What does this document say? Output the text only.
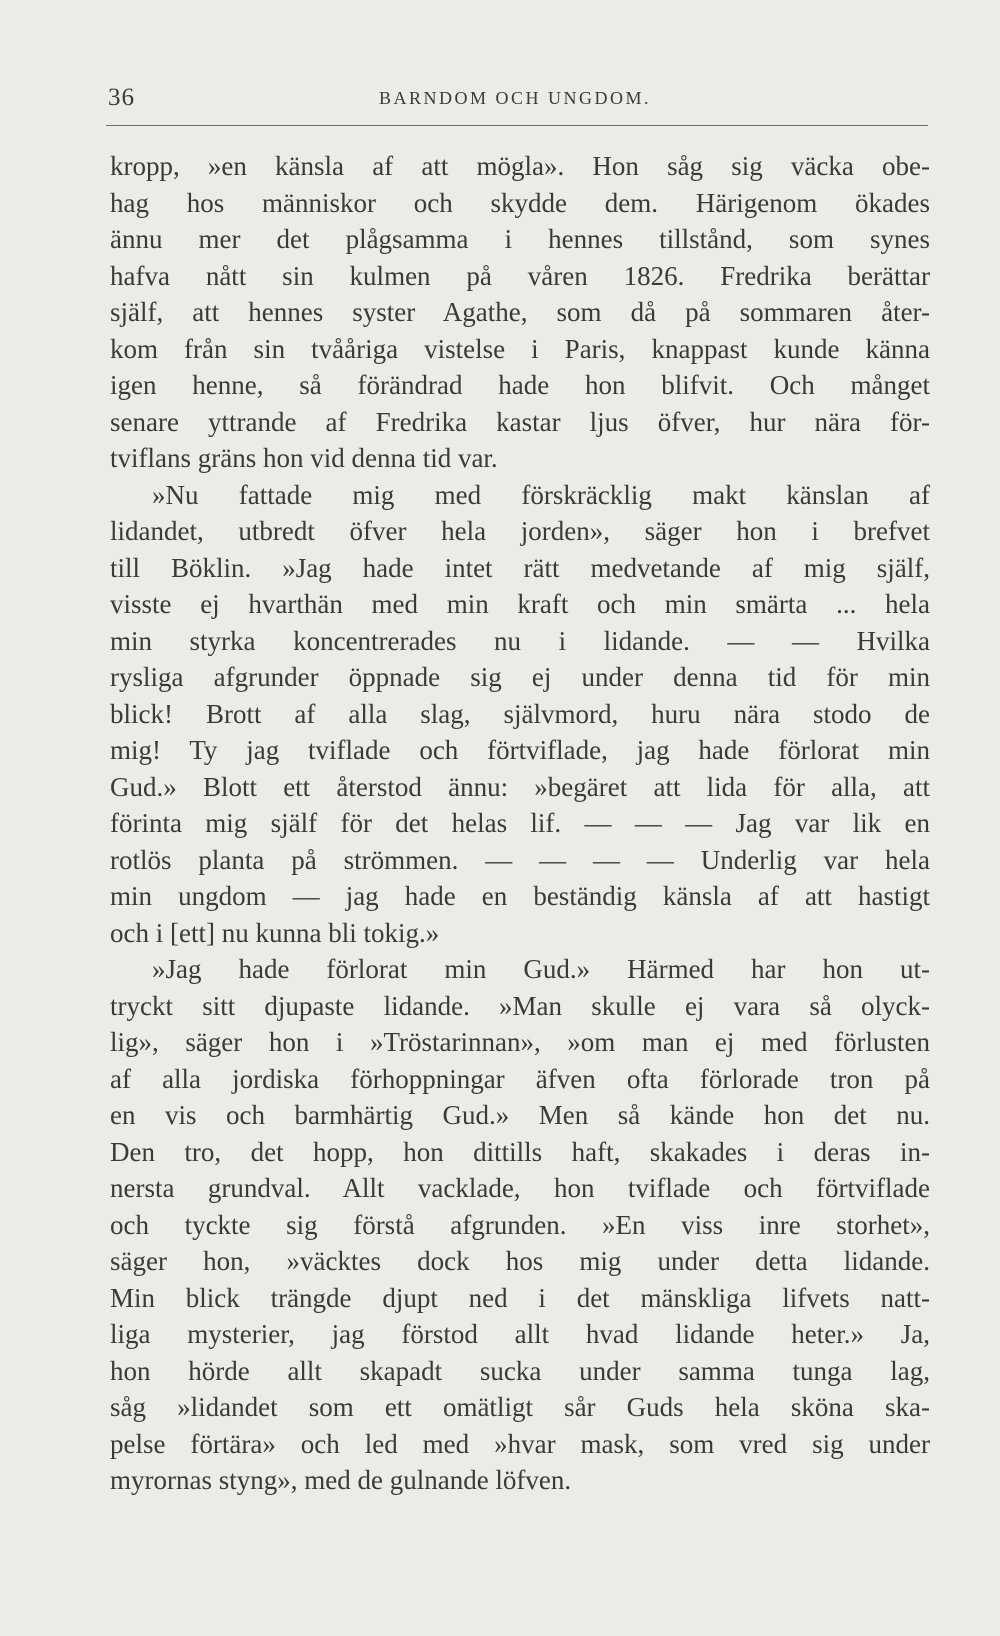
36	BARNDOM OCH UNGDOM.
kropp, »en känsla af att mögla». Hon såg sig väcka obe-
hag hos människor och skydde dem. Härigenom ökades
ännu mer det plågsamma i hennes tillstånd, som synes
hafva nått sin kulmen på våren 1826. Fredrika berättar
själf, att hennes syster Agathe, som då på sommaren åter-
kom från sin tvååriga vistelse i Paris, knappast kunde känna
igen henne, så förändrad hade hon blifvit. Och månget
senare yttrande af Fredrika kastar ljus öfver, hur nära för-
tviflans gräns hon vid denna tid var.
»Nu fattade mig med förskräcklig makt känslan af
lidandet, utbredt öfver hela jorden», säger hon i brefvet
till Böklin. »Jag hade intet rätt medvetande af mig själf,
visste ej hvarthän med min kraft och min smärta ... hela
min styrka koncentrerades nu i lidande. — — Hvilka
rysliga afgrunder öppnade sig ej under denna tid för min
blick! Brott af alla slag, självmord, huru nära stodo de
mig! Ty jag tviflade och förtviflade, jag hade förlorat min
Gud.» Blott ett återstod ännu: »begäret att lida för alla, att
förinta mig själf för det helas lif. — — — Jag var lik en
rotlös planta på strömmen. — — — — Underlig var hela
min ungdom — jag hade en beständig känsla af att hastigt
och i [ett] nu kunna bli tokig.»
»Jag hade förlorat min Gud.» Härmed har hon ut-
tryckt sitt djupaste lidande. »Man skulle ej vara så olyck-
lig», säger hon i »Tröstarinnan», »om man ej med förlusten
af alla jordiska förhoppningar äfven ofta förlorade tron på
en vis och barmhärtig Gud.» Men så kände hon det nu.
Den tro, det hopp, hon dittills haft, skakades i deras in-
nersta grundval. Allt vacklade, hon tviflade och förtviflade
och tyckte sig förstå afgrunden. »En viss inre storhet»,
säger hon, »väcktes dock hos mig under detta lidande.
Min blick trängde djupt ned i det mänskliga lifvets natt-
liga mysterier, jag förstod allt hvad lidande heter.» Ja,
hon hörde allt skapadt sucka under samma tunga lag,
såg »lidandet som ett omätligt sår Guds hela sköna ska-
pelse förtära» och led med »hvar mask, som vred sig under
myrornas styng», med de gulnande löfven.
